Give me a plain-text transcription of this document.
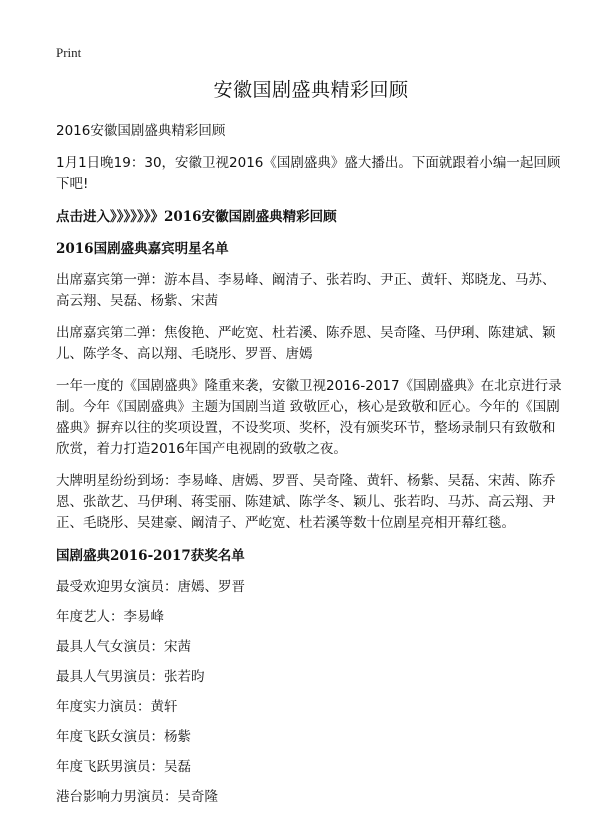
Print
安徽国剧盛典精彩回顾

2016安徽国剧盛典精彩回顾

1月1日晚19：30，安徽卫视2016《国剧盛典》盛大播出。下面就跟着小编一起回顾下吧!

点击进入》》》》》》》2016安徽国剧盛典精彩回顾

2016国剧盛典嘉宾明星名单

出席嘉宾第一弹：游本昌、李易峰、阚清子、张若昀、尹正、黄轩、郑晓龙、马苏、高云翔、吴磊、杨紫、宋茜

出席嘉宾第二弹：焦俊艳、严屹宽、杜若溪、陈乔恩、吴奇隆、马伊琍、陈建斌、颖儿、陈学冬、高以翔、毛晓彤、罗晋、唐嫣

一年一度的《国剧盛典》隆重来袭，安徽卫视2016-2017《国剧盛典》在北京进行录制。今年《国剧盛典》主题为国剧当道 致敬匠心，核心是致敬和匠心。今年的《国剧盛典》摒弃以往的奖项设置，不设奖项、奖杯，没有颁奖环节，整场录制只有致敬和欣赏，着力打造2016年国产电视剧的致敬之夜。

大牌明星纷纷到场：李易峰、唐嫣、罗晋、吴奇隆、黄轩、杨紫、吴磊、宋茜、陈乔恩、张歆艺、马伊琍、蒋雯丽、陈建斌、陈学冬、颖儿、张若昀、马苏、高云翔、尹正、毛晓彤、吴建豪、阚清子、严屹宽、杜若溪等数十位剧星亮相开幕红毯。

国剧盛典2016-2017获奖名单

最受欢迎男女演员：唐嫣、罗晋
年度艺人：李易峰
最具人气女演员：宋茜
最具人气男演员：张若昀
年度实力演员：黄轩
年度飞跃女演员：杨紫
年度飞跃男演员：吴磊
港台影响力男演员：吴奇隆
